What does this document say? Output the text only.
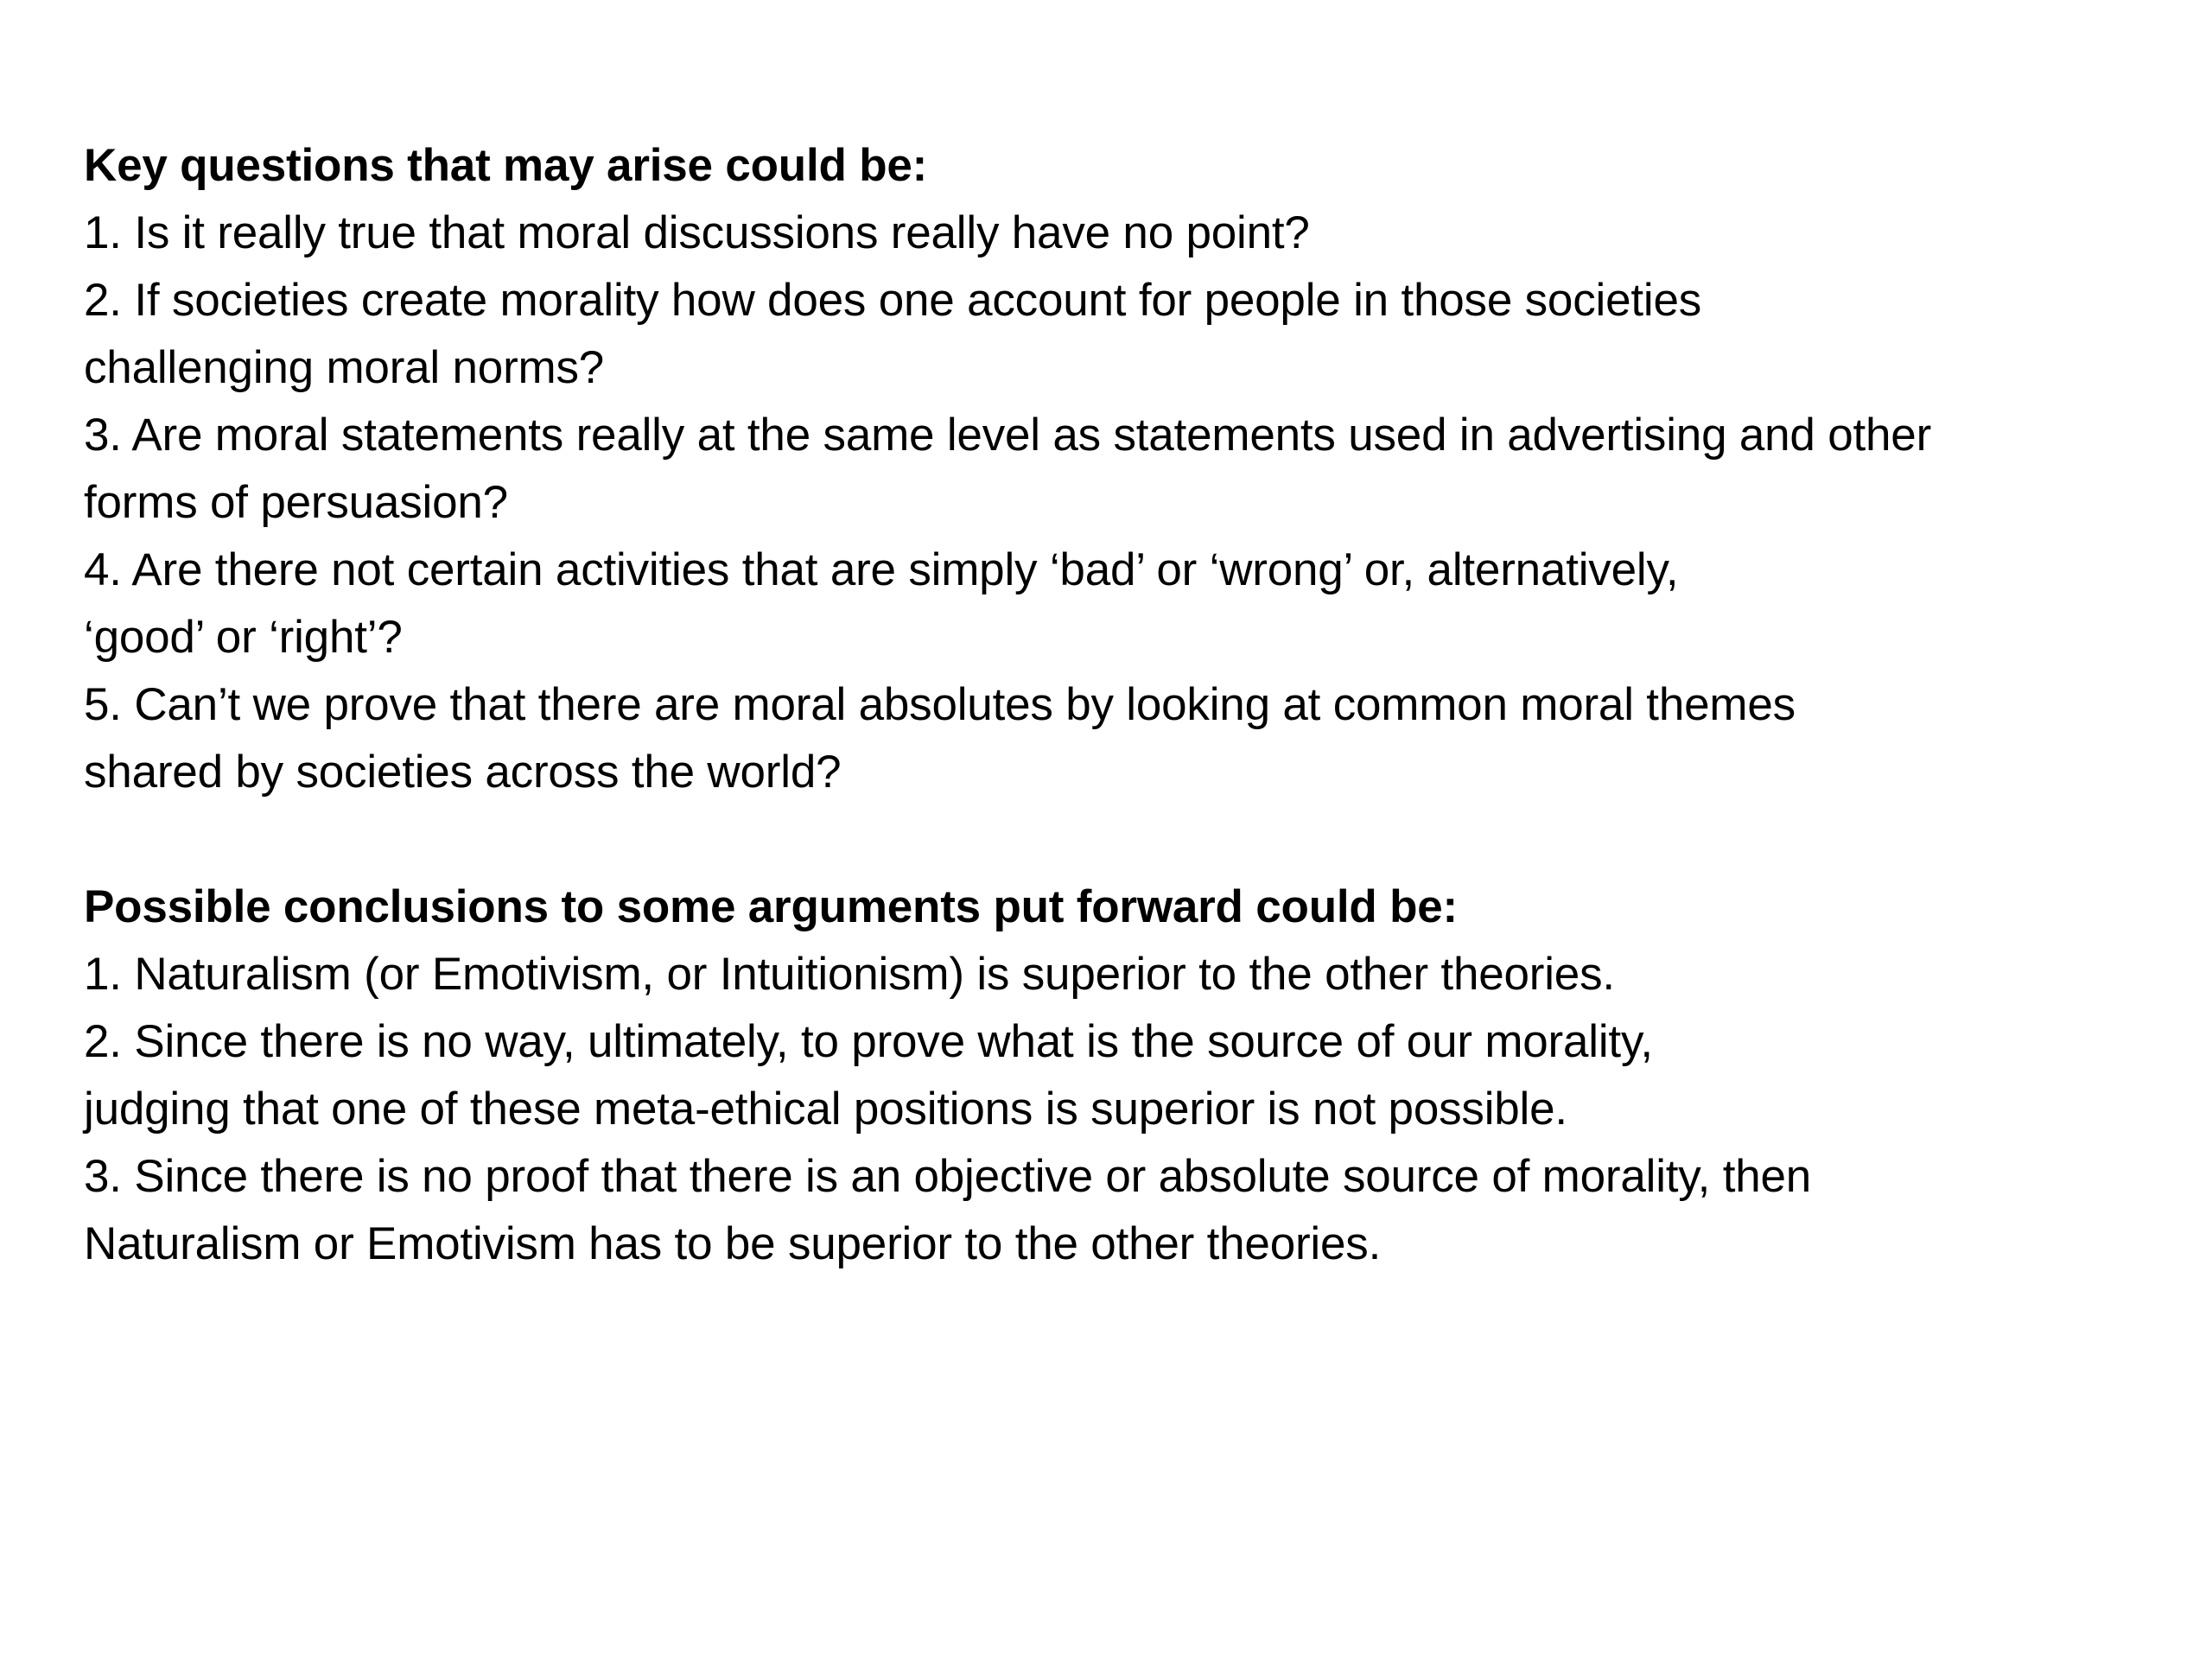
Key questions that may arise could be:

1. Is it really true that moral discussions really have no point?

2. If societies create morality how does one account for people in those societies
challenging moral norms?

3. Are moral statements really at the same level as statements used in advertising and other
forms of persuasion?

4. Are there not certain activities that are simply ‘bad’ or ‘wrong’ or, alternatively,
‘good’ or ‘right’?

5. Can’t we prove that there are moral absolutes by looking at common moral themes
shared by societies across the world?

Possible conclusions to some arguments put forward could be:

1. Naturalism (or Emotivism, or Intuitionism) is superior to the other theories.

2. Since there is no way, ultimately, to prove what is the source of our morality,
judging that one of these meta-ethical positions is superior is not possible.

3. Since there is no proof that there is an objective or absolute source of morality, then
Naturalism or Emotivism has to be superior to the other theories.
